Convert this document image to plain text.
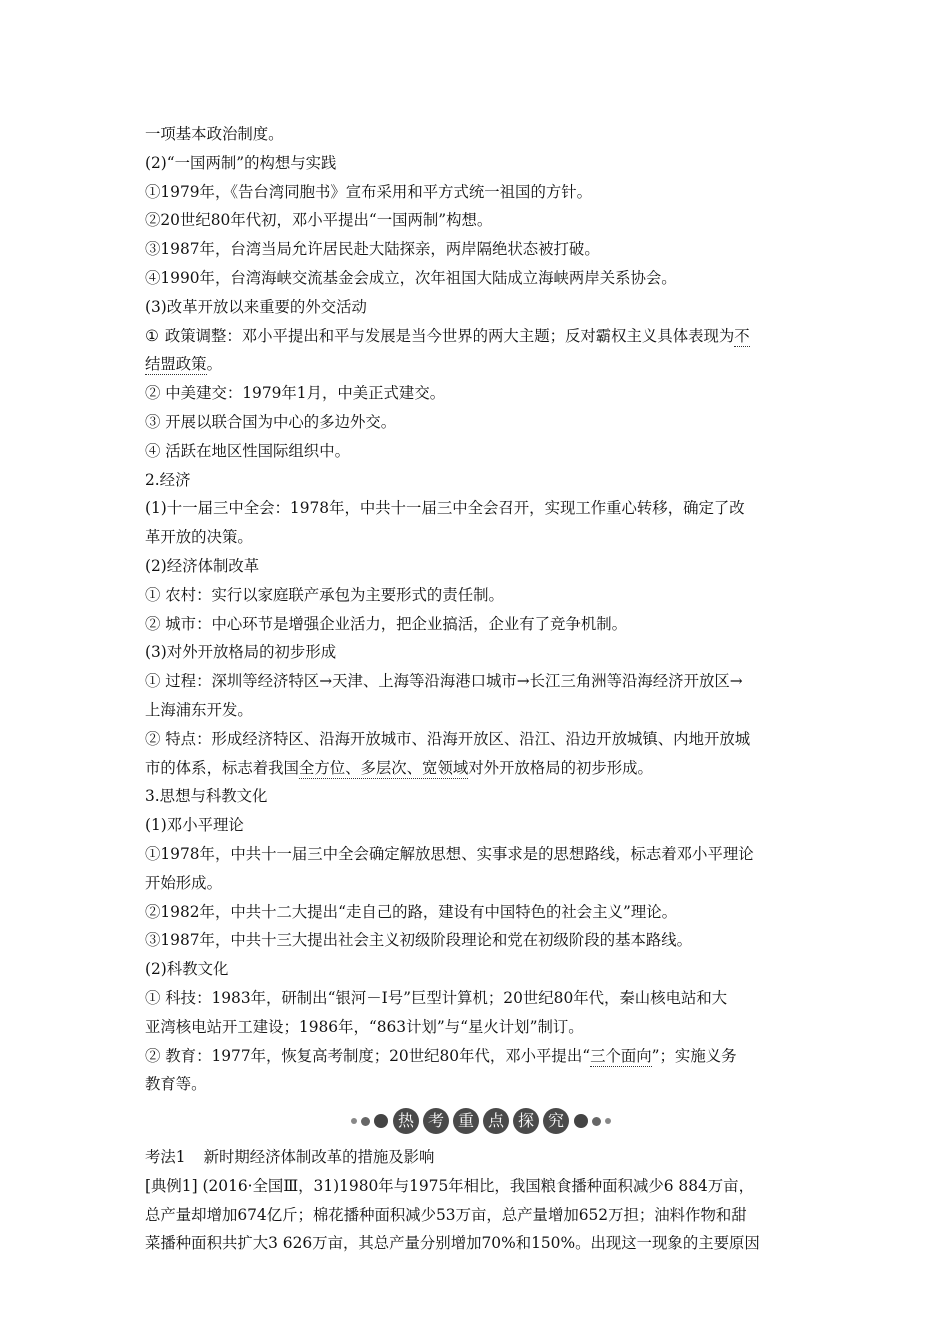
一项基本政治制度。
(2)“一国两制”的构想与实践
①1979年，《告台湾同胞书》宣布采用和平方式统一祖国的方针。
②20世纪80年代初，邓小平提出“一国两制”构想。
③1987年，台湾当局允许居民赴大陆探亲，两岸隔绝状态被打破。
④1990年，台湾海峡交流基金会成立，次年祖国大陆成立海峡两岸关系协会。
(3)改革开放以来重要的外交活动
① 政策调整：邓小平提出和平与发展是当今世界的两大主题；反对霸权主义具体表现为不
结盟政策。
② 中美建交：1979年1月，中美正式建交。
③ 开展以联合国为中心的多边外交。
④ 活跃在地区性国际组织中。
2.经济
(1)十一届三中全会：1978年，中共十一届三中全会召开，实现工作重心转移，确定了改
革开放的决策。
(2)经济体制改革
① 农村：实行以家庭联产承包为主要形式的责任制。
② 城市：中心环节是增强企业活力，把企业搞活，企业有了竞争机制。
(3)对外开放格局的初步形成
① 过程：深圳等经济特区→天津、上海等沿海港口城市→长江三角洲等沿海经济开放区→
上海浦东开发。
② 特点：形成经济特区、沿海开放城市、沿海开放区、沿江、沿边开放城镇、内地开放城
市的体系，标志着我国全方位、多层次、宽领域对外开放格局的初步形成。
3.思想与科教文化
(1)邓小平理论
①1978年，中共十一届三中全会确定解放思想、实事求是的思想路线，标志着邓小平理论
开始形成。
②1982年，中共十二大提出“走自己的路，建设有中国特色的社会主义”理论。
③1987年，中共十三大提出社会主义初级阶段理论和党在初级阶段的基本路线。
(2)科教文化
① 科技：1983年，研制出“银河－Ⅰ号”巨型计算机；20世纪80年代，秦山核电站和大
亚湾核电站开工建设；1986年，“863计划”与“星火计划”制订。
② 教育：1977年，恢复高考制度；20世纪80年代，邓小平提出“三个面向”；实施义务
教育等。
热 考 重 点 探 究
考法1 新时期经济体制改革的措施及影响
[典例1] (2016·全国Ⅲ，31)1980年与1975年相比，我国粮食播种面积减少6 884万亩，
总产量却增加674亿斤；棉花播种面积减少53万亩，总产量增加652万担；油料作物和甜
菜播种面积共扩大3 626万亩，其总产量分别增加70%和150%。出现这一现象的主要原因
